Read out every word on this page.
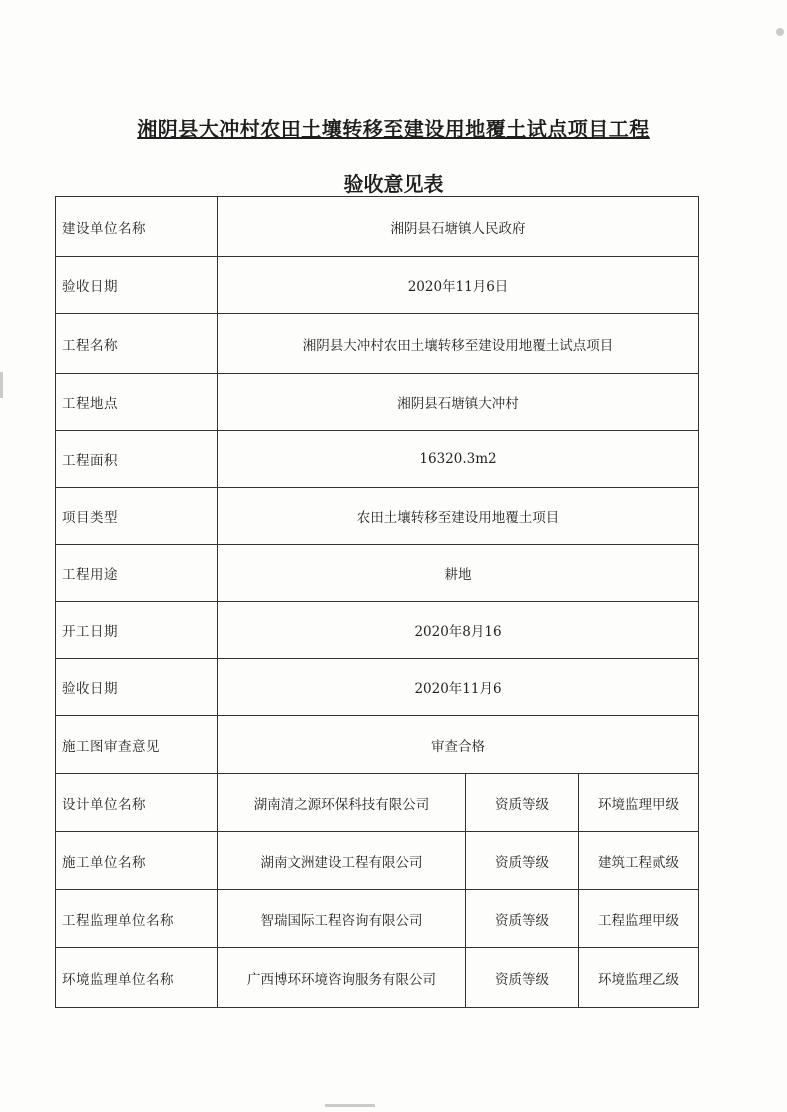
湘阴县大冲村农田土壤转移至建设用地覆土试点项目工程
验收意见表
建设单位名称	湘阴县石塘镇人民政府		
验收日期	2020年11月6日		
工程名称	湘阴县大冲村农田土壤转移至建设用地覆土试点项目		
工程地点	湘阴县石塘镇大冲村		
工程面积	16320.3m2		
项目类型	农田土壤转移至建设用地覆土项目		
工程用途	耕地		
开工日期	2020年8月16		
验收日期	2020年11月6		
施工图审查意见	审查合格		
设计单位名称	湖南清之源环保科技有限公司	资质等级	环境监理甲级
施工单位名称	湖南文洲建设工程有限公司	资质等级	建筑工程贰级
工程监理单位名称	智瑞国际工程咨询有限公司	资质等级	工程监理甲级
环境监理单位名称	广西博环环境咨询服务有限公司	资质等级	环境监理乙级
